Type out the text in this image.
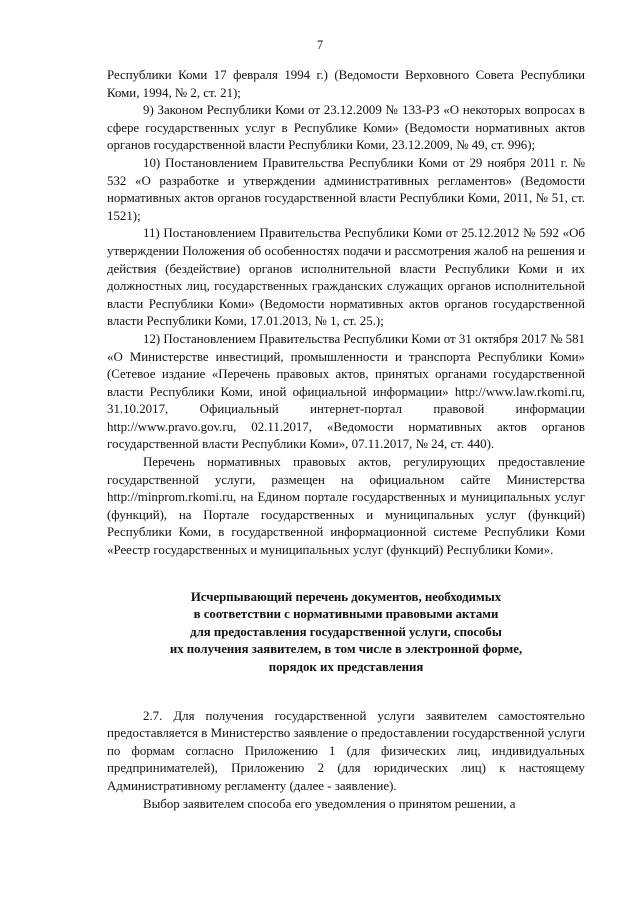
7

Республики Коми 17 февраля 1994 г.) (Ведомости Верховного Совета Республики Коми, 1994, № 2, ст. 21);

9) Законом Республики Коми от 23.12.2009 № 133-РЗ «О некоторых вопросах в сфере государственных услуг в Республике Коми» (Ведомости нормативных актов органов государственной власти Республики Коми, 23.12.2009, № 49, ст. 996);

10) Постановлением Правительства Республики Коми от 29 ноября 2011 г. № 532 «О разработке и утверждении административных регламентов» (Ведомости нормативных актов органов государственной власти Республики Коми, 2011, № 51, ст. 1521);

11) Постановлением Правительства Республики Коми от 25.12.2012 № 592 «Об утверждении Положения об особенностях подачи и рассмотрения жалоб на решения и действия (бездействие) органов исполнительной власти Республики Коми и их должностных лиц, государственных гражданских служащих органов исполнительной власти Республики Коми» (Ведомости нормативных актов органов государственной власти Республики Коми, 17.01.2013, № 1, ст. 25.);

12) Постановлением Правительства Республики Коми от 31 октября 2017 № 581 «О Министерстве инвестиций, промышленности и транспорта Республики Коми» (Сетевое издание «Перечень правовых актов, принятых органами государственной власти Республики Коми, иной официальной информации» http://www.law.rkomi.ru, 31.10.2017, Официальный интернет-портал правовой информации http://www.pravo.gov.ru, 02.11.2017, «Ведомости нормативных актов органов государственной власти Республики Коми», 07.11.2017, № 24, ст. 440).

Перечень нормативных правовых актов, регулирующих предоставление государственной услуги, размещен на официальном сайте Министерства http://minprom.rkomi.ru, на Едином портале государственных и муниципальных услуг (функций), на Портале государственных и муниципальных услуг (функций) Республики Коми, в государственной информационной системе Республики Коми «Реестр государственных и муниципальных услуг (функций) Республики Коми».

Исчерпывающий перечень документов, необходимых
в соответствии с нормативными правовыми актами
для предоставления государственной услуги, способы
их получения заявителем, в том числе в электронной форме,
порядок их представления

2.7. Для получения государственной услуги заявителем самостоятельно предоставляется в Министерство заявление о предоставлении государственной услуги по формам согласно Приложению 1 (для физических лиц, индивидуальных предпринимателей), Приложению 2 (для юридических лиц) к настоящему Административному регламенту (далее - заявление).

Выбор заявителем способа его уведомления о принятом решении, а
